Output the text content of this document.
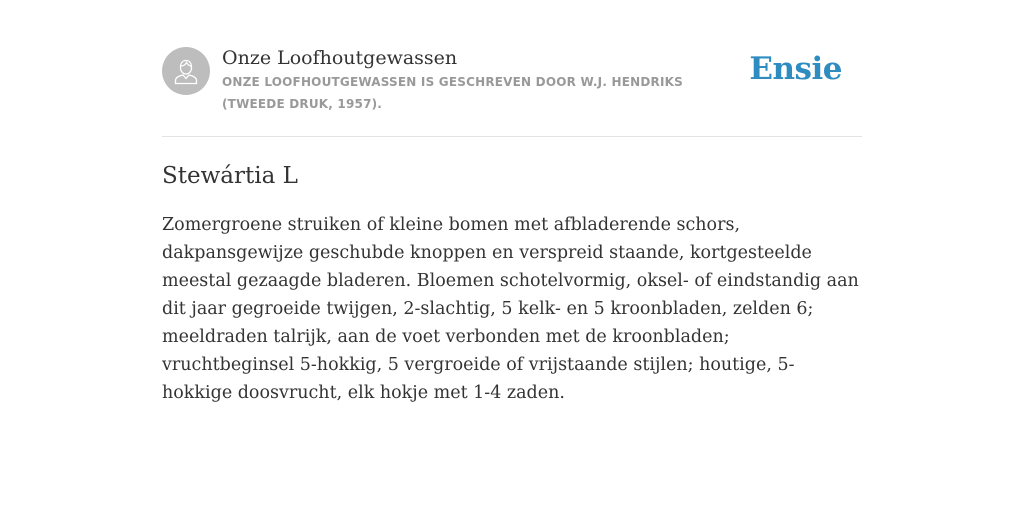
Onze Loofhoutgewassen
ONZE LOOFHOUTGEWASSEN IS GESCHREVEN DOOR W.J. HENDRIKS (TWEEDE DRUK, 1957).
Ensie
Stewártia L
Zomergroene struiken of kleine bomen met afbladerende schors, dakpansgewijze geschubde knoppen en verspreid staande, kortgesteelde meestal gezaagde bladeren. Bloemen schotelvormig, oksel- of eindstandig aan dit jaar gegroeide twijgen, 2-slachtig, 5 kelk- en 5 kroonbladen, zelden 6; meeldraden talrijk, aan de voet verbonden met de kroonbladen; vruchtbeginsel 5-hokkig, 5 vergroeide of vrijstaande stijlen; houtige, 5-hokkige doosvrucht, elk hokje met 1-4 zaden.
